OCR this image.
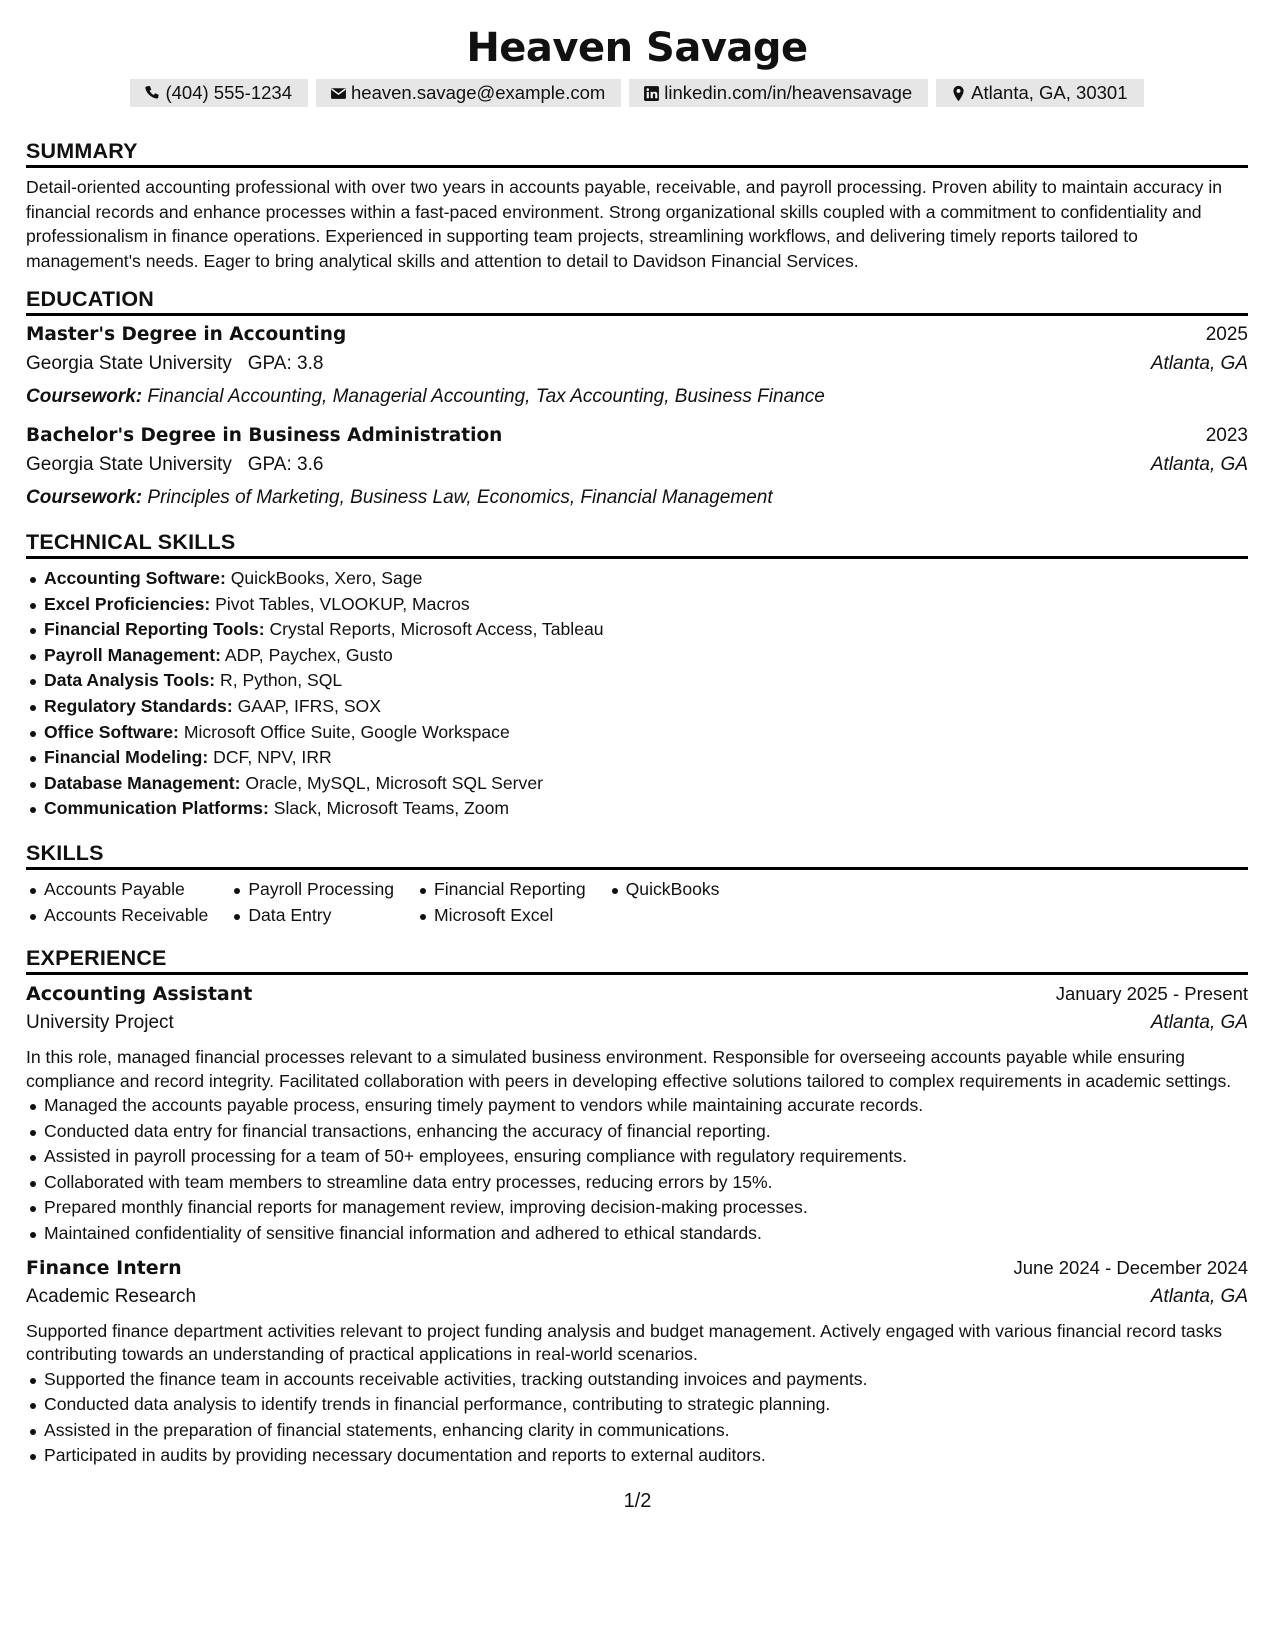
Heaven Savage
(404) 555-1234	heaven.savage@example.com	linkedin.com/in/heavensavage	Atlanta, GA, 30301
SUMMARY
Detail-oriented accounting professional with over two years in accounts payable, receivable, and payroll processing. Proven ability to maintain accuracy in financial records and enhance processes within a fast-paced environment. Strong organizational skills coupled with a commitment to confidentiality and professionalism in finance operations. Experienced in supporting team projects, streamlining workflows, and delivering timely reports tailored to management's needs. Eager to bring analytical skills and attention to detail to Davidson Financial Services.
EDUCATION
Master's Degree in Accounting	2025
Georgia State University GPA: 3.8	Atlanta, GA
Coursework: Financial Accounting, Managerial Accounting, Tax Accounting, Business Finance
Bachelor's Degree in Business Administration	2023
Georgia State University GPA: 3.6	Atlanta, GA
Coursework: Principles of Marketing, Business Law, Economics, Financial Management
TECHNICAL SKILLS
Accounting Software: QuickBooks, Xero, Sage
Excel Proficiencies: Pivot Tables, VLOOKUP, Macros
Financial Reporting Tools: Crystal Reports, Microsoft Access, Tableau
Payroll Management: ADP, Paychex, Gusto
Data Analysis Tools: R, Python, SQL
Regulatory Standards: GAAP, IFRS, SOX
Office Software: Microsoft Office Suite, Google Workspace
Financial Modeling: DCF, NPV, IRR
Database Management: Oracle, MySQL, Microsoft SQL Server
Communication Platforms: Slack, Microsoft Teams, Zoom
SKILLS
Accounts Payable
Accounts Receivable
Payroll Processing
Data Entry
Financial Reporting
Microsoft Excel
QuickBooks
EXPERIENCE
Accounting Assistant	January 2025 - Present
University Project	Atlanta, GA
In this role, managed financial processes relevant to a simulated business environment. Responsible for overseeing accounts payable while ensuring compliance and record integrity. Facilitated collaboration with peers in developing effective solutions tailored to complex requirements in academic settings.
Managed the accounts payable process, ensuring timely payment to vendors while maintaining accurate records.
Conducted data entry for financial transactions, enhancing the accuracy of financial reporting.
Assisted in payroll processing for a team of 50+ employees, ensuring compliance with regulatory requirements.
Collaborated with team members to streamline data entry processes, reducing errors by 15%.
Prepared monthly financial reports for management review, improving decision-making processes.
Maintained confidentiality of sensitive financial information and adhered to ethical standards.
Finance Intern	June 2024 - December 2024
Academic Research	Atlanta, GA
Supported finance department activities relevant to project funding analysis and budget management. Actively engaged with various financial record tasks contributing towards an understanding of practical applications in real-world scenarios.
Supported the finance team in accounts receivable activities, tracking outstanding invoices and payments.
Conducted data analysis to identify trends in financial performance, contributing to strategic planning.
Assisted in the preparation of financial statements, enhancing clarity in communications.
Participated in audits by providing necessary documentation and reports to external auditors.
1/2
